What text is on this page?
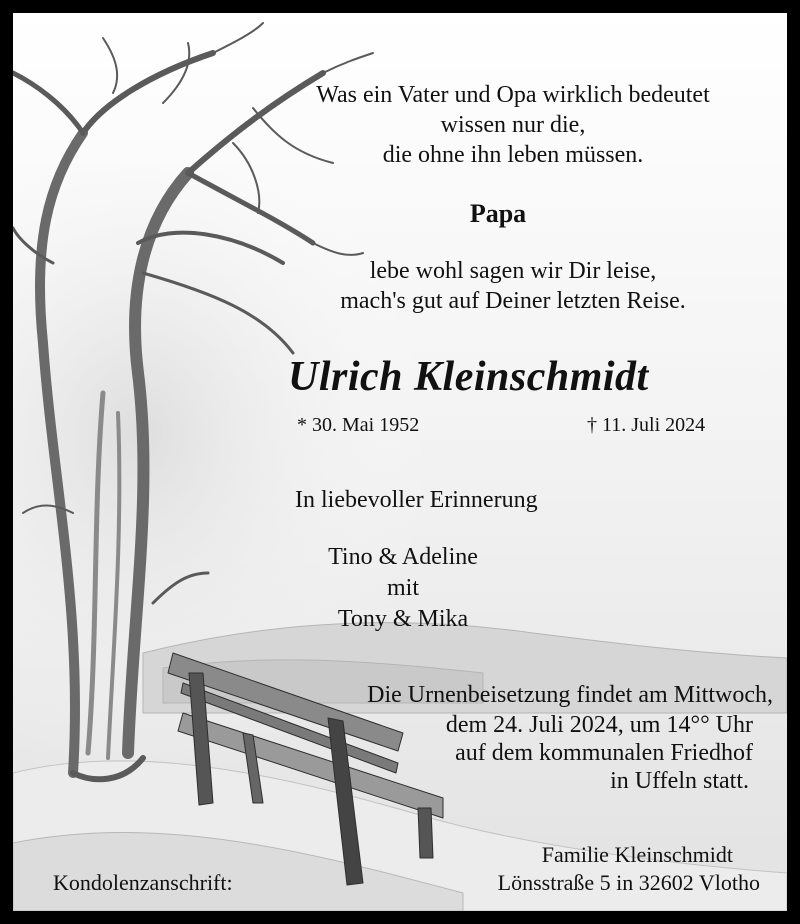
Was ein Vater und Opa wirklich bedeutet
wissen nur die,
die ohne ihn leben müssen.
Papa
lebe wohl sagen wir Dir leise,
mach's gut auf Deiner letzten Reise.
Ulrich Kleinschmidt
* 30. Mai 1952	† 11. Juli 2024
In liebevoller Erinnerung
Tino & Adeline
mit
Tony & Mika
Die Urnenbeisetzung findet am Mittwoch,
dem 24. Juli 2024, um 14°° Uhr
auf dem kommunalen Friedhof
in Uffeln statt.
Kondolenzanschrift:
Familie Kleinschmidt
Lönsstraße 5 in 32602 Vlotho
